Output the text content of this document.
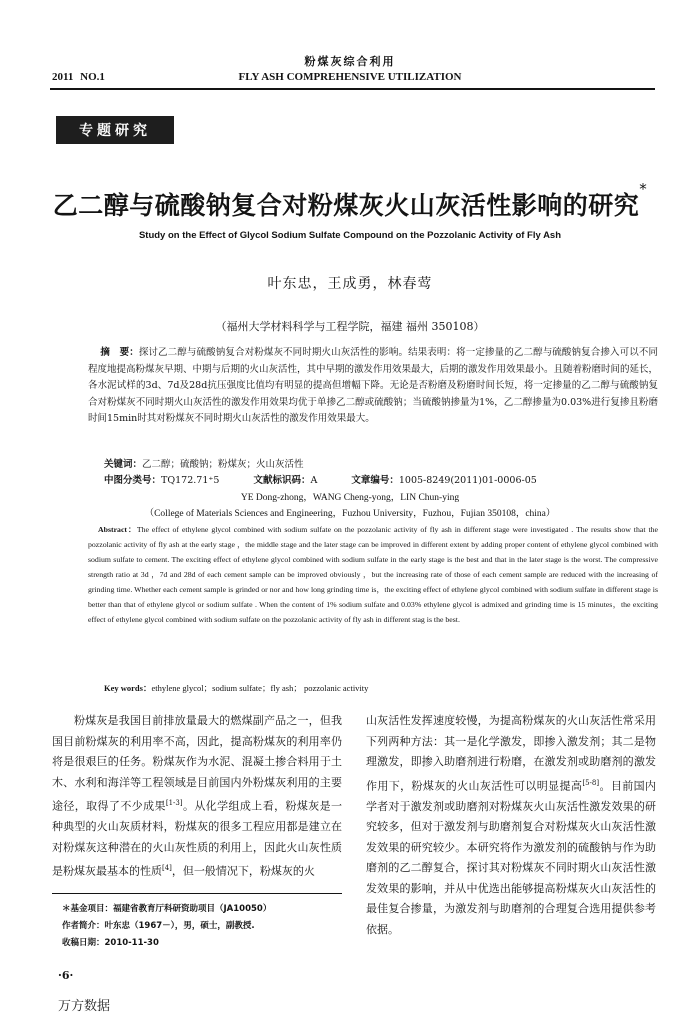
粉煤灰综合利用
2011 NO.1	FLY ASH COMPREHENSIVE UTILIZATION
专题研究
乙二醇与硫酸钠复合对粉煤灰火山灰活性影响的研究*
Study on the Effect of Glycol Sodium Sulfate Compound on the Pozzolanic Activity of Fly Ash
叶东忠，王成勇，林春莺
（福州大学材料科学与工程学院，福建 福州 350108）
摘　要：探讨乙二醇与硫酸钠复合对粉煤灰不同时期火山灰活性的影响。结果表明：将一定掺量的乙二醇与硫酸钠复合掺入可以不同程度地提高粉煤灰早期、中期与后期的火山灰活性，其中早期的激发作用效果最大，后期的激发作用效果最小。且随着粉磨时间的延长，各水泥试样的3d、7d及28d抗压强度比值均有明显的提高但增幅下降。无论是否粉磨及粉磨时间长短，将一定掺量的乙二醇与硫酸钠复合对粉煤灰不同时期火山灰活性的激发作用效果均优于单掺乙二醇或硫酸钠；当硫酸钠掺量为1%，乙二醇掺量为0.03%进行复掺且粉磨时间15min时其对粉煤灰不同时期火山灰活性的激发作用效果最大。
关键词：乙二醇；硫酸钠；粉煤灰；火山灰活性
中图分类号：TQ172.71⁺5	文献标识码：A	文章编号：1005-8249(2011)01-0006-05
YE Dong-zhong，WANG Cheng-yong，LIN Chun-ying
（College of Materials Sciences and Engineering，Fuzhou University，Fuzhou，Fujian 350108，china）
Abstract：The effect of ethylene glycol combined with sodium sulfate on the pozzolanic activity of fly ash in different stage were investigated . The results show that the pozzolanic activity of fly ash at the early stage ，the middle stage and the later stage can be improved in different extent by adding proper content of ethylene glycol combined with sodium sulfate to cement. The exciting effect of ethylene glycol combined with sodium sulfate in the early stage is the best and that in the later stage is the worst. The compressive strength ratio at 3d ，7d and 28d of each cement sample can be improved obviously ，but the increasing rate of those of each cement sample are reduced with the increasing of grinding time. Whether each cement sample is grinded or nor and how long grinding time is，the exciting effect of ethylene glycol combined with sodium sulfate in different stage is better than that of ethylene glycol or sodium sulfate . When the content of 1% sodium sulfate and 0.03% ethylene glycol is admixed and grinding time is 15 minutes，the exciting effect of ethylene glycol combined with sodium sulfate on the pozzolanic activity of fly ash in different stag is the best.
Key words：ethylene glycol；sodium sulfate；fly ash； pozzolanic activity

粉煤灰是我国目前排放量最大的燃煤副产品之一，但我国目前粉煤灰的利用率不高，因此，提高粉煤灰的利用率仍将是很艰巨的任务。粉煤灰作为水泥、混凝土掺合料用于土木、水利和海洋等工程领域是目前国内外粉煤灰利用的主要途径，取得了不少成果[1-3]。从化学组成上看，粉煤灰是一种典型的火山灰质材料，粉煤灰的很多工程应用都是建立在对粉煤灰这种潜在的火山灰性质的利用上，因此火山灰性质是粉煤灰最基本的性质[4]，但一般情况下，粉煤灰的火

山灰活性发挥速度较慢，为提高粉煤灰的火山灰活性常采用下列两种方法：其一是化学激发，即掺入激发剂；其二是物理激发，即掺入助磨剂进行粉磨，在激发剂或助磨剂的激发作用下，粉煤灰的火山灰活性可以明显提高[5-8]。目前国内学者对于激发剂或助磨剂对粉煤灰火山灰活性激发效果的研究较多，但对于激发剂与助磨剂复合对粉煤灰火山灰活性激发效果的研究较少。本研究将作为激发剂的硫酸钠与作为助磨剂的乙二醇复合，探讨其对粉煤灰不同时期火山灰活性激发效果的影响，并从中优选出能够提高粉煤灰火山灰活性的最佳复合掺量，为激发剂与助磨剂的合理复合选用提供参考依据。

＊基金项目：福建省教育厅科研资助项目（JA10050）
作者简介：叶东忠（1967－），男，硕士，副教授.
收稿日期：2010-11-30
·6·
万方数据
